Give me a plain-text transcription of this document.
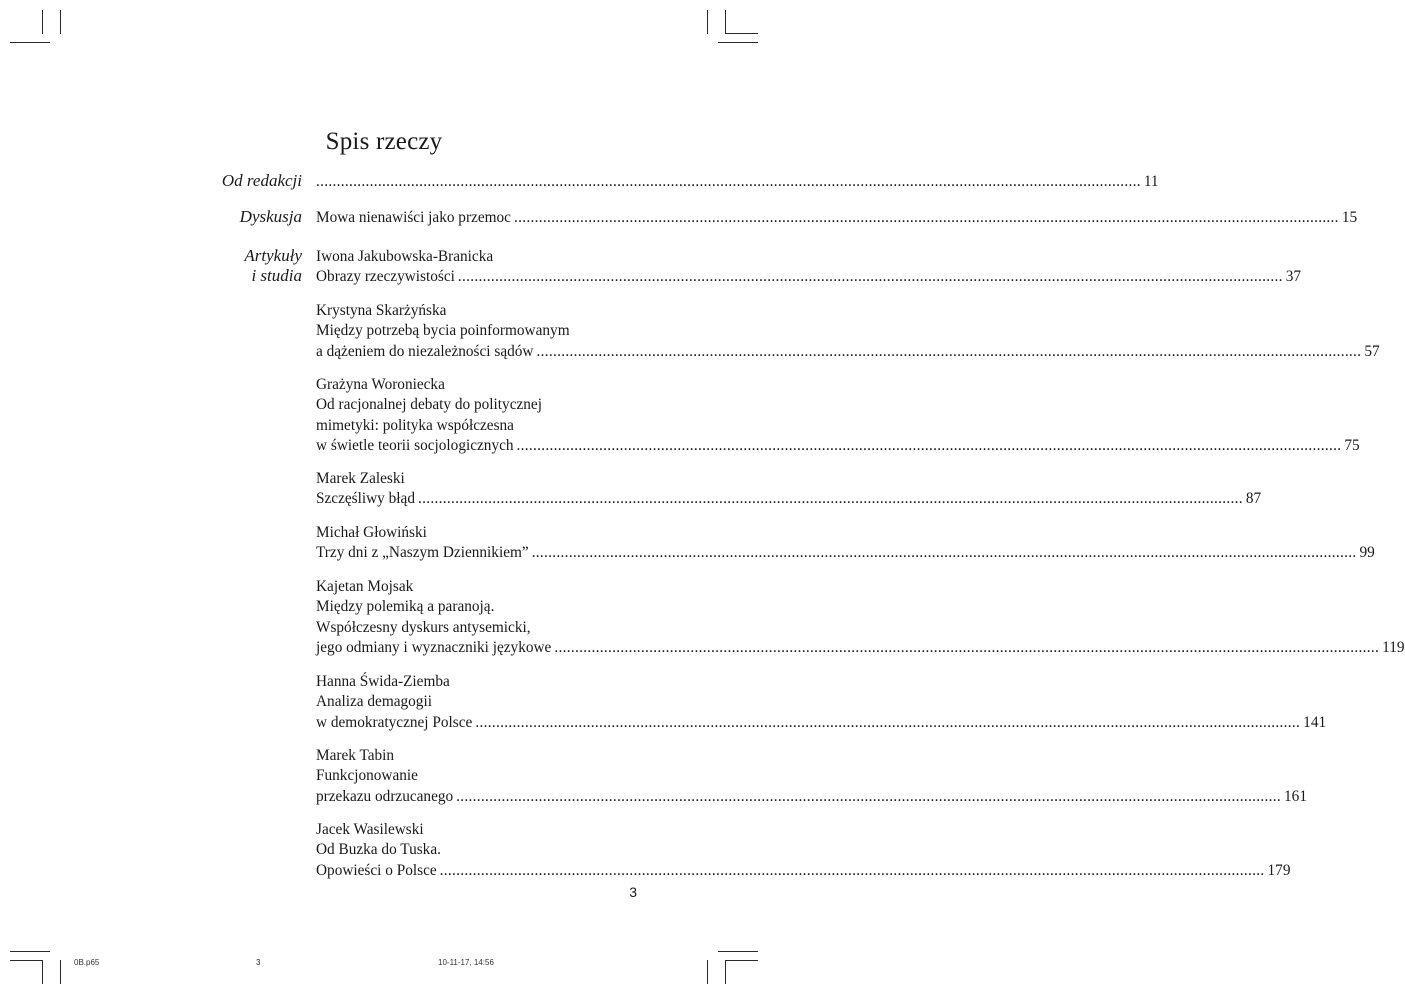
Spis rzeczy
Od redakcji
Dyskusja
Artykuły
i studia
........................................................................................................................................................................................................ 11
Mowa nienawiści jako przemoc ........................................................................................................................................................................................................ 15
Iwona Jakubowska-Branicka
Obrazy rzeczywistości ........................................................................................................................................................................................................ 37
Krystyna Skarżyńska
Między potrzebą bycia poinformowanym
a dążeniem do niezależności sądów ........................................................................................................................................................................................................ 57
Grażyna Woroniecka
Od racjonalnej debaty do politycznej
mimetyki: polityka współczesna
w świetle teorii socjologicznych ........................................................................................................................................................................................................ 75
Marek Zaleski
Szczęśliwy błąd ........................................................................................................................................................................................................ 87
Michał Głowiński
Trzy dni z „Naszym Dziennikiem” ........................................................................................................................................................................................................ 99
Kajetan Mojsak
Między polemiką a paranoją.
Współczesny dyskurs antysemicki,
jego odmiany i wyznaczniki językowe ........................................................................................................................................................................................................ 119
Hanna Świda-Ziemba
Analiza demagogii
w demokratycznej Polsce ........................................................................................................................................................................................................ 141
Marek Tabin
Funkcjonowanie
przekazu odrzucanego ........................................................................................................................................................................................................ 161
Jacek Wasilewski
Od Buzka do Tuska.
Opowieści o Polsce ........................................................................................................................................................................................................ 179
3
0B.p65	3	10-11-17, 14:56
